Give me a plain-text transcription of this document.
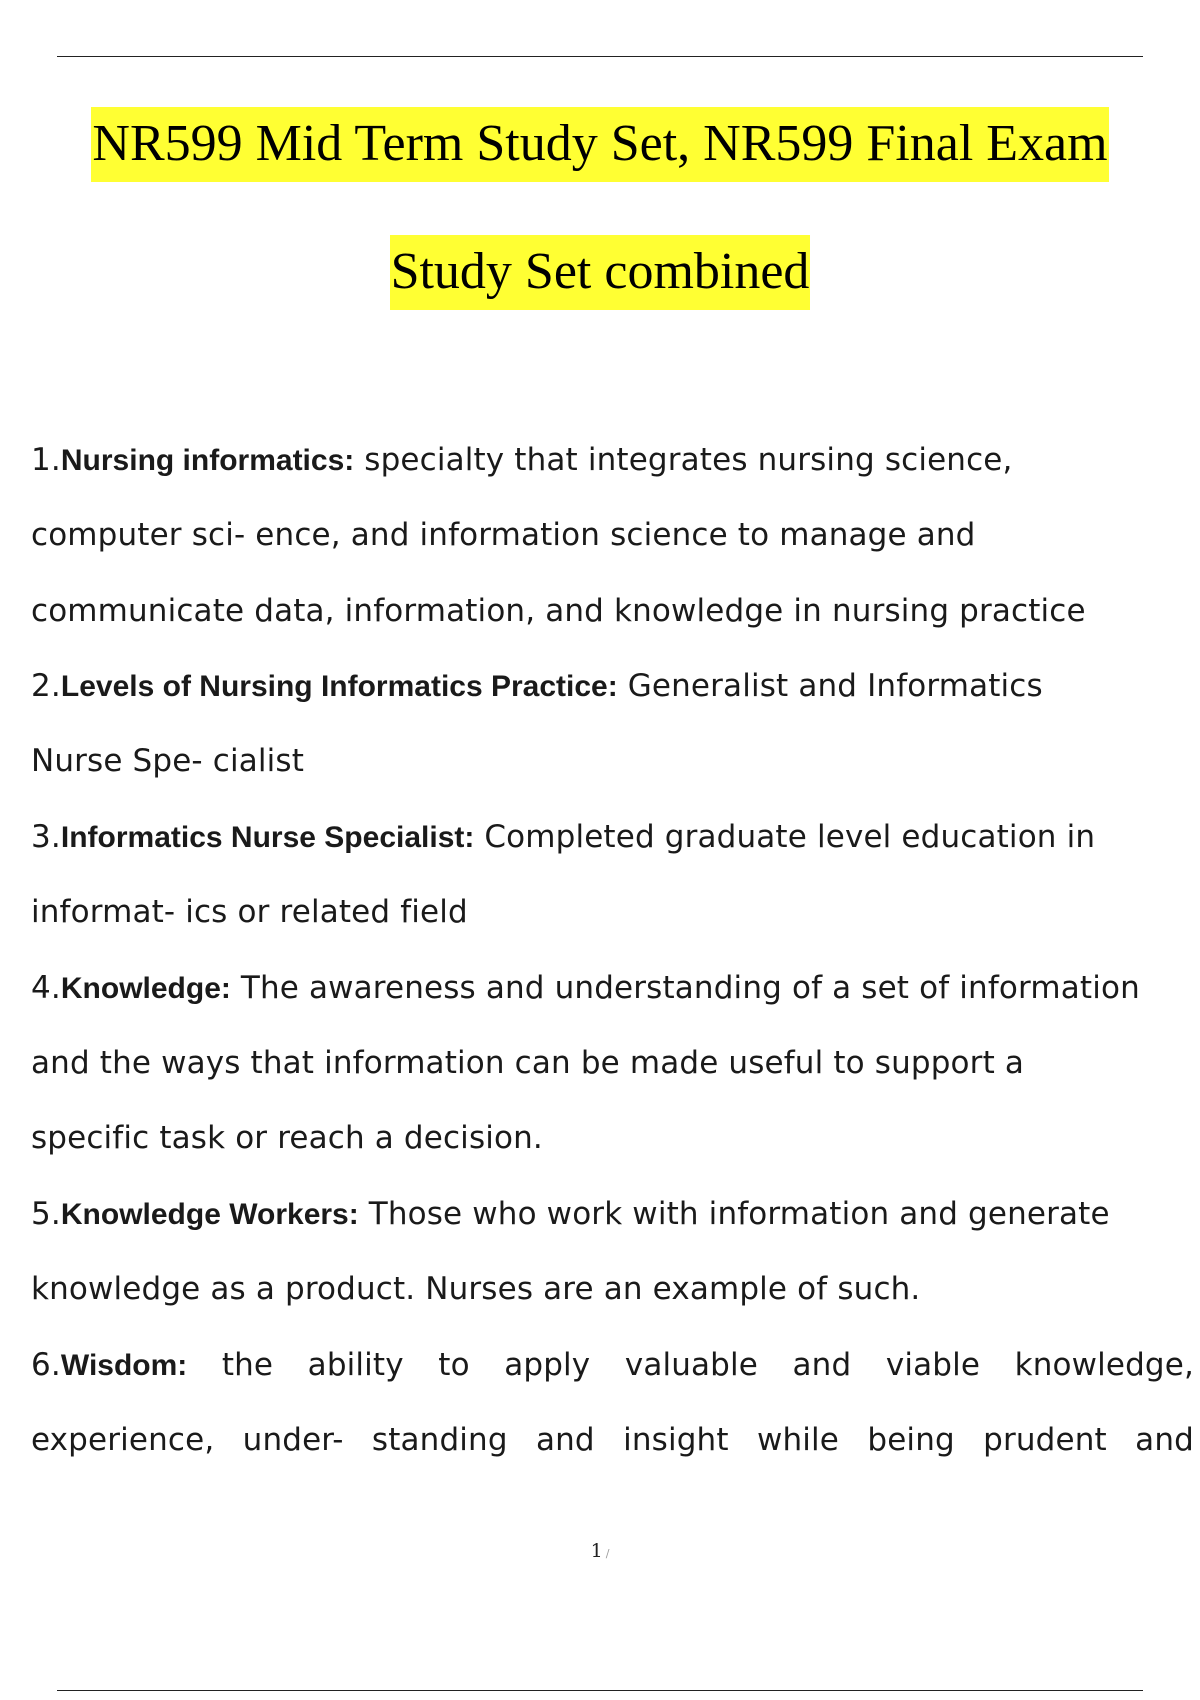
NR599 Mid Term Study Set, NR599 Final Exam
Study Set combined
1.Nursing informatics: specialty that integrates nursing science,
computer sci- ence, and information science to manage and
communicate data, information, and knowledge in nursing practice
2.Levels of Nursing Informatics Practice: Generalist and Informatics
Nurse Spe- cialist
3.Informatics Nurse Specialist: Completed graduate level education in
informat- ics or related field
4.Knowledge: The awareness and understanding of a set of information
and the ways that information can be made useful to support a
specific task or reach a decision.
5.Knowledge Workers: Those who work with information and generate
knowledge as a product. Nurses are an example of such.
6.Wisdom: the ability to apply valuable and viable knowledge,
experience, under- standing and insight while being prudent and
1 /
